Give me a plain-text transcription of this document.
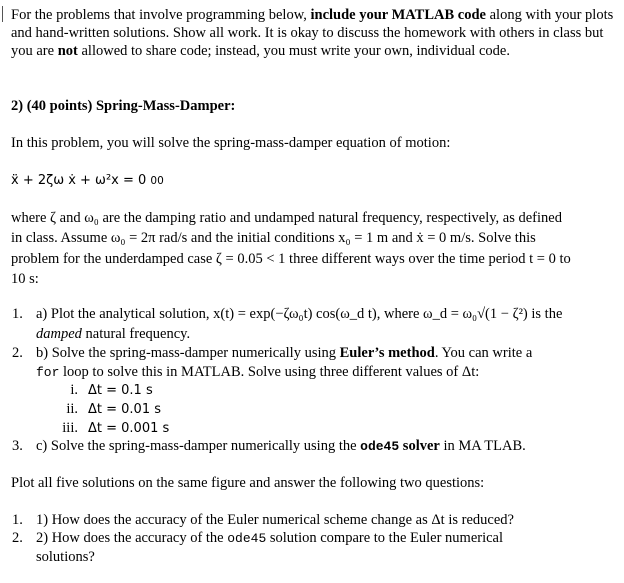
For the problems that involve programming below, include your MATLAB code along with your plots and hand-written solutions. Show all work. It is okay to discuss the homework with others in class but you are not allowed to share code; instead, you must write your own, individual code.

2) (40 points) Spring-Mass-Damper:

In this problem, you will solve the spring-mass-damper equation of motion:

ẍ + 2ζω ẋ + ω²x = 0 00

where ζ and ω₀ are the damping ratio and undamped natural frequency, respectively, as defined

in class. Assume ω₀ = 2π rad/s and the initial conditions x₀ = 1 m and ẋ = 0 m/s. Solve this

problem for the underdamped case ζ = 0.05 < 1 three different ways over the time period t = 0 to

10 s:

1. a) Plot the analytical solution, x(t) = exp(−ζω₀t) cos(ω_d t), where ω_d = ω₀√(1 − ζ²) is the
damped natural frequency.
2. b) Solve the spring-mass-damper numerically using Euler’s method. You can write a
for loop to solve this in MATLAB. Solve using three different values of Δt:
i. Δt = 0.1 s
ii. Δt = 0.01 s
iii. Δt = 0.001 s
3. c) Solve the spring-mass-damper numerically using the ode45 solver in MA TLAB.

Plot all five solutions on the same figure and answer the following two questions:

1. 1) How does the accuracy of the Euler numerical scheme change as Δt is reduced?
2. 2) How does the accuracy of the ode45 solution compare to the Euler numerical
solutions?
